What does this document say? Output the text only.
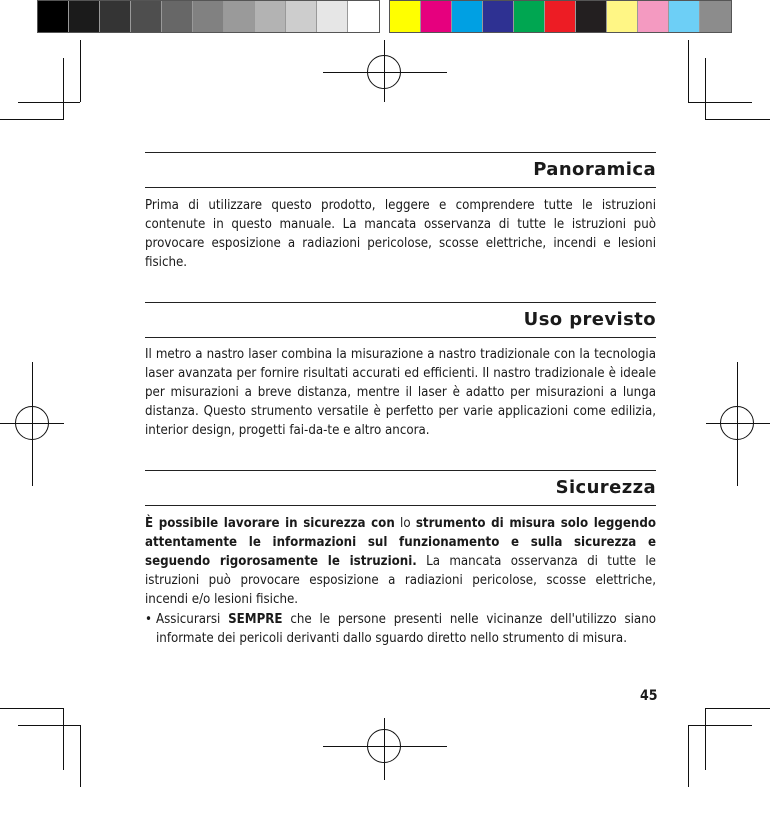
Panoramica

Prima di utilizzare questo prodotto, leggere e comprendere tutte le istruzioni contenute in questo manuale. La mancata osservanza di tutte le istruzioni può provocare esposizione a radiazioni pericolose, scosse elettriche, incendi e lesioni fisiche.

Uso previsto

Il metro a nastro laser combina la misurazione a nastro tradizionale con la tecnologia laser avanzata per fornire risultati accurati ed efficienti. Il nastro tradizionale è ideale per misurazioni a breve distanza, mentre il laser è adatto per misurazioni a lunga distanza. Questo strumento versatile è perfetto per varie applicazioni come edilizia, interior design, progetti fai-da-te e altro ancora.

Sicurezza

È possibile lavorare in sicurezza con lo strumento di misura solo leggendo attentamente le informazioni sul funzionamento e sulla sicurezza e seguendo rigorosamente le istruzioni. La mancata osservanza di tutte le istruzioni può provocare esposizione a radiazioni pericolose, scosse elettriche, incendi e/o lesioni fisiche.

• Assicurarsi SEMPRE che le persone presenti nelle vicinanze dell'utilizzo siano informate dei pericoli derivanti dallo sguardo diretto nello strumento di misura.

45
